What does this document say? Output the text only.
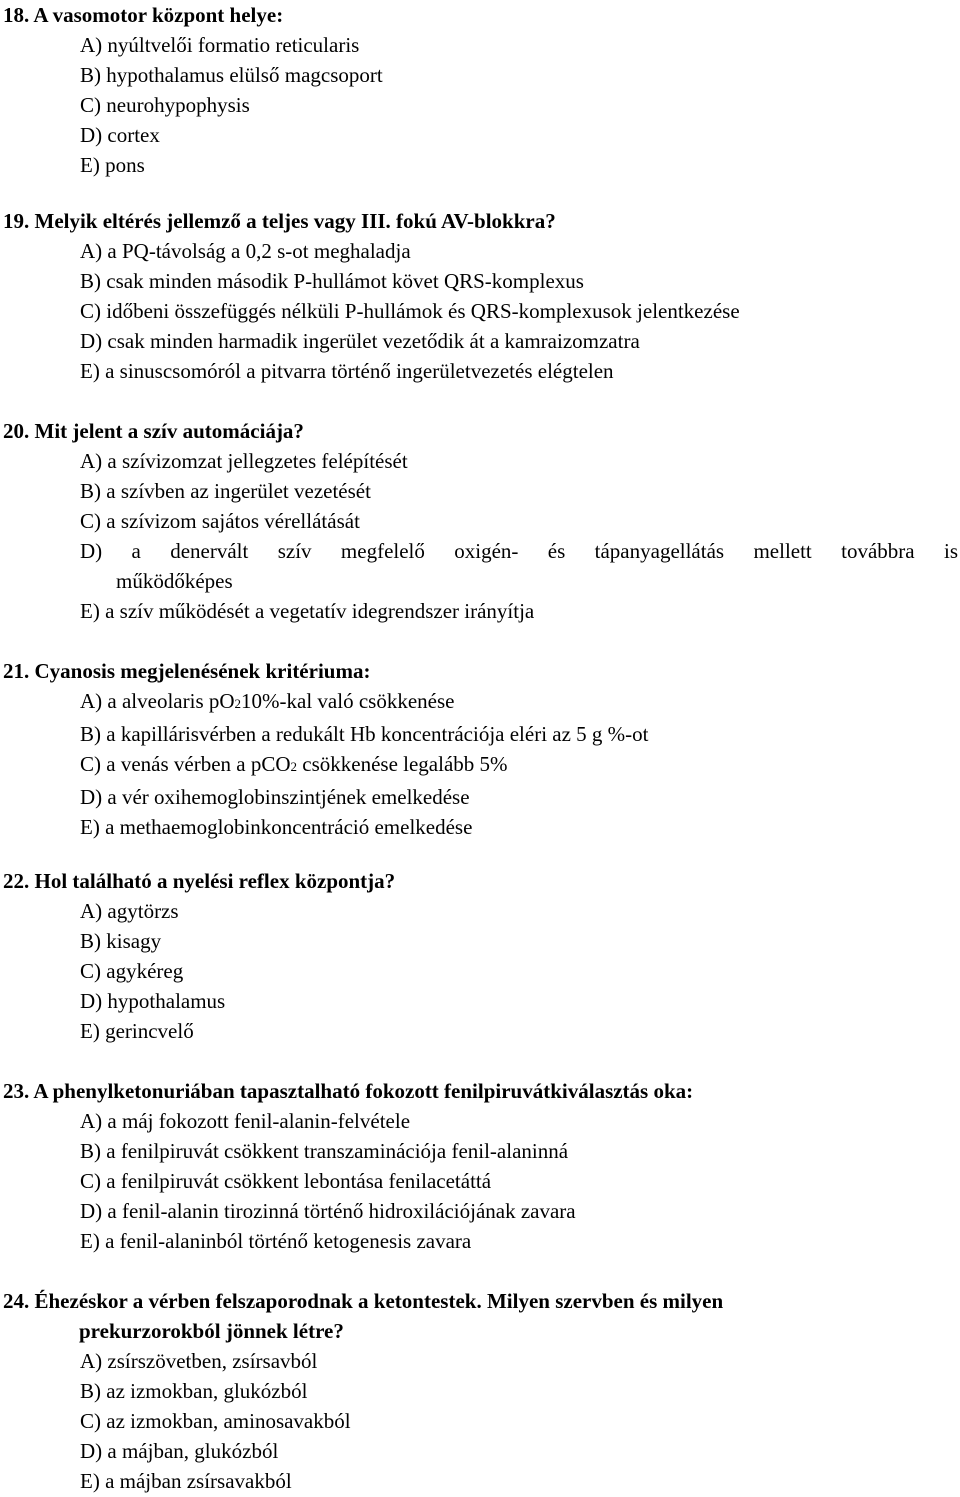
18. A vasomotor központ helye:
A) nyúltvelői formatio reticularis
B) hypothalamus elülső magcsoport
C) neurohypophysis
D) cortex
E) pons
19. Melyik eltérés jellemző a teljes vagy III. fokú AV-blokkra?
A) a PQ-távolság a 0,2 s-ot meghaladja
B) csak minden második P-hullámot követ QRS-komplexus
C) időbeni összefüggés nélküli P-hullámok és QRS-komplexusok jelentkezése
D) csak minden harmadik ingerület vezetődik át a kamraizomzatra
E) a sinuscsomóról a pitvarra történő ingerületvezetés elégtelen
20. Mit jelent a szív automáciája?
A) a szívizomzat jellegzetes felépítését
B) a szívben az ingerület vezetését
C) a szívizom sajátos vérellátását
D) a denervált szív megfelelő oxigén- és tápanyagellátás mellett továbbra is
működőképes
E) a szív működését a vegetatív idegrendszer irányítja
21. Cyanosis megjelenésének kritériuma:
A) a alveolaris pO210%-kal való csökkenése
B) a kapillárisvérben a redukált Hb koncentrációja eléri az 5 g %-ot
C) a venás vérben a pCO2 csökkenése legalább 5%
D) a vér oxihemoglobinszintjének emelkedése
E) a methaemoglobinkoncentráció emelkedése
22. Hol található a nyelési reflex központja?
A) agytörzs
B) kisagy
C) agykéreg
D) hypothalamus
E) gerincvelő
23. A phenylketonuriában tapasztalható fokozott fenilpiruvátkiválasztás oka:
A) a máj fokozott fenil-alanin-felvétele
B) a fenilpiruvát csökkent transzaminációja fenil-alaninná
C) a fenilpiruvát csökkent lebontása fenilacetáttá
D) a fenil-alanin tirozinná történő hidroxilációjának zavara
E) a fenil-alaninból történő ketogenesis zavara
24. Éhezéskor a vérben felszaporodnak a ketontestek. Milyen szervben és milyen
prekurzorokból jönnek létre?
A) zsírszövetben, zsírsavból
B) az izmokban, glukózból
C) az izmokban, aminosavakból
D) a májban, glukózból
E) a májban zsírsavakból
